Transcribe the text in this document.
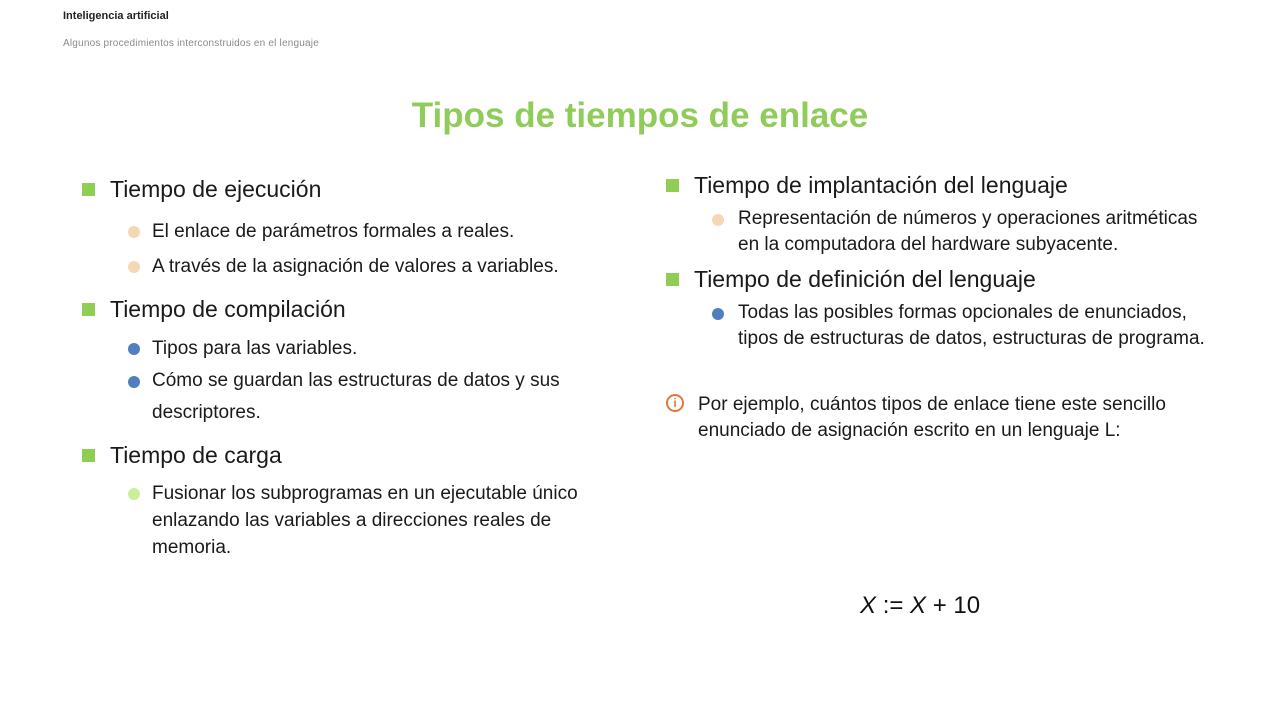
Inteligencia artificial
Algunos procedimientos interconstruidos en el lenguaje
Tipos de tiempos de enlace
Tiempo de ejecución
El enlace de parámetros formales a reales.
A través de la asignación de valores a variables.
Tiempo de compilación
Tipos para las variables.
Cómo se guardan las estructuras de datos y sus descriptores.
Tiempo de carga
Fusionar los subprogramas en un ejecutable único enlazando las variables a direcciones reales de memoria.
Tiempo de implantación del lenguaje
Representación de números y operaciones aritméticas en la computadora del hardware subyacente.
Tiempo de definición del lenguaje
Todas las posibles formas opcionales de enunciados, tipos de estructuras de datos, estructuras de programa.
i	Por ejemplo, cuántos tipos de enlace tiene este sencillo enunciado de asignación escrito en un lenguaje L:
X := X + 10
